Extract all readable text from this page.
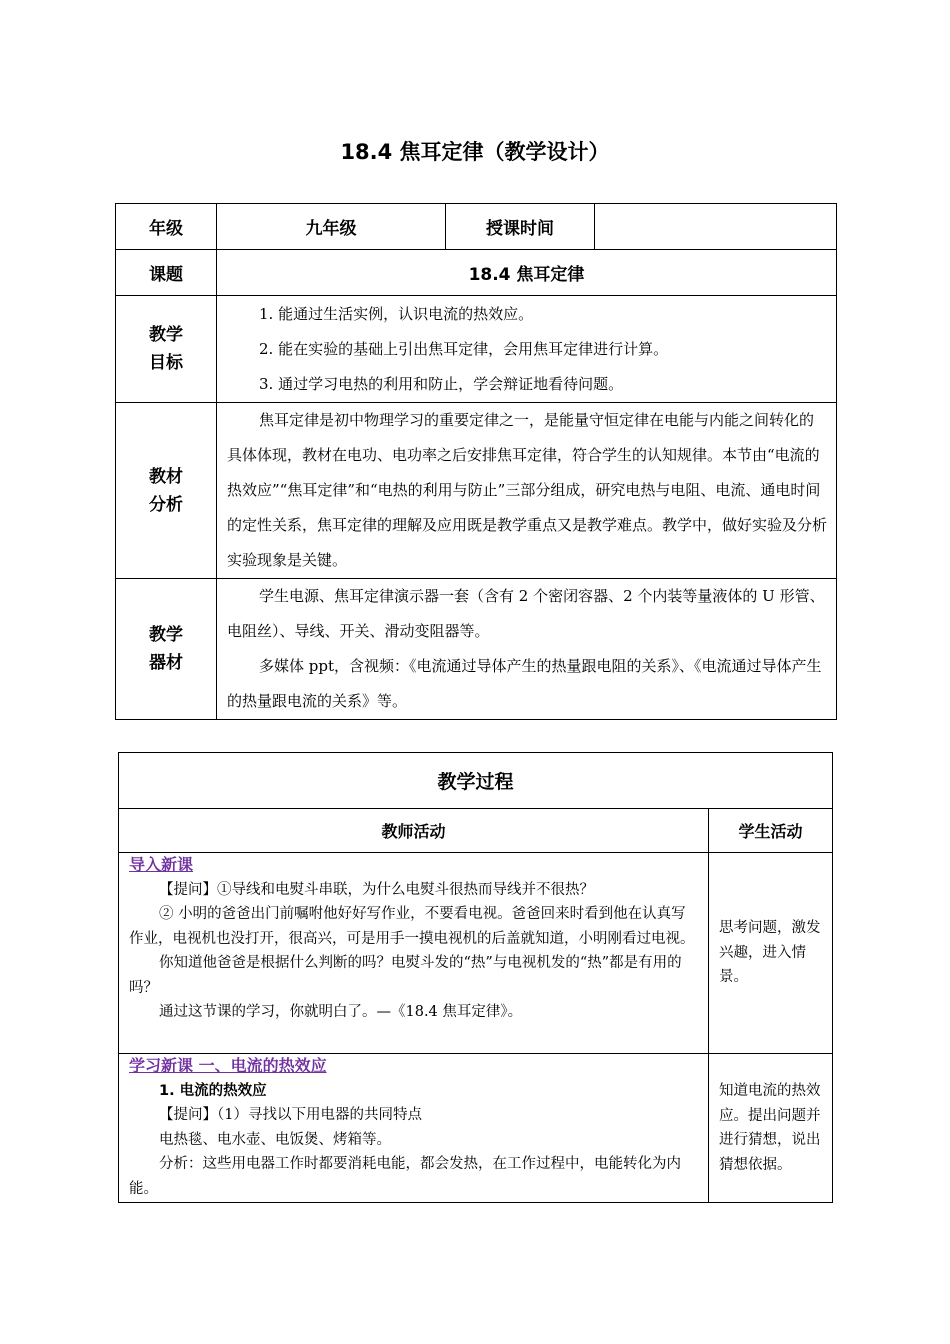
18.4 焦耳定律（教学设计）
年级	九年级	授课时间	
课题	18.4 焦耳定律		

教学目标	1. 能通过生活实例，认识电流的热效应。
2. 能在实验的基础上引出焦耳定律，会用焦耳定律进行计算。
3. 通过学习电热的利用和防止，学会辩证地看待问题。		

教材分析	焦耳定律是初中物理学习的重要定律之一，是能量守恒定律在电能与内能之间转化的具体体现，教材在电功、电功率之后安排焦耳定律，符合学生的认知规律。本节由“电流的热效应”“焦耳定律”和“电热的利用与防止”三部分组成，研究电热与电阻、电流、通电时间的定性关系，焦耳定律的理解及应用既是教学重点又是教学难点。教学中，做好实验及分析实验现象是关键。		

教学器材	学生电源、焦耳定律演示器一套（含有 2 个密闭容器、2 个内装等量液体的 U 形管、电阻丝）、导线、开关、滑动变阻器等。
多媒体 ppt，含视频：《电流通过导体产生的热量跟电阻的关系》、《电流通过导体产生的热量跟电流的关系》等。		
教学过程	
教师活动	学生活动

导入新课
【提问】①导线和电熨斗串联，为什么电熨斗很热而导线并不很热？
② 小明的爸爸出门前嘱咐他好好写作业，不要看电视。爸爸回来时看到他在认真写作业，电视机也没打开，很高兴，可是用手一摸电视机的后盖就知道，小明刚看过电视。
你知道他爸爸是根据什么判断的吗？电熨斗发的“热”与电视机发的“热”都是有用的吗？
通过这节课的学习，你就明白了。—《18.4 焦耳定律》。	思考问题，激发兴趣，进入情景。

学习新课 一、电流的热效应
1. 电流的热效应
【提问】（1）寻找以下用电器的共同特点
电热毯、电水壶、电饭煲、烤箱等。
分析：这些用电器工作时都要消耗电能，都会发热，在工作过程中，电能转化为内能。	知道电流的热效应。提出问题并进行猜想，说出猜想依据。
